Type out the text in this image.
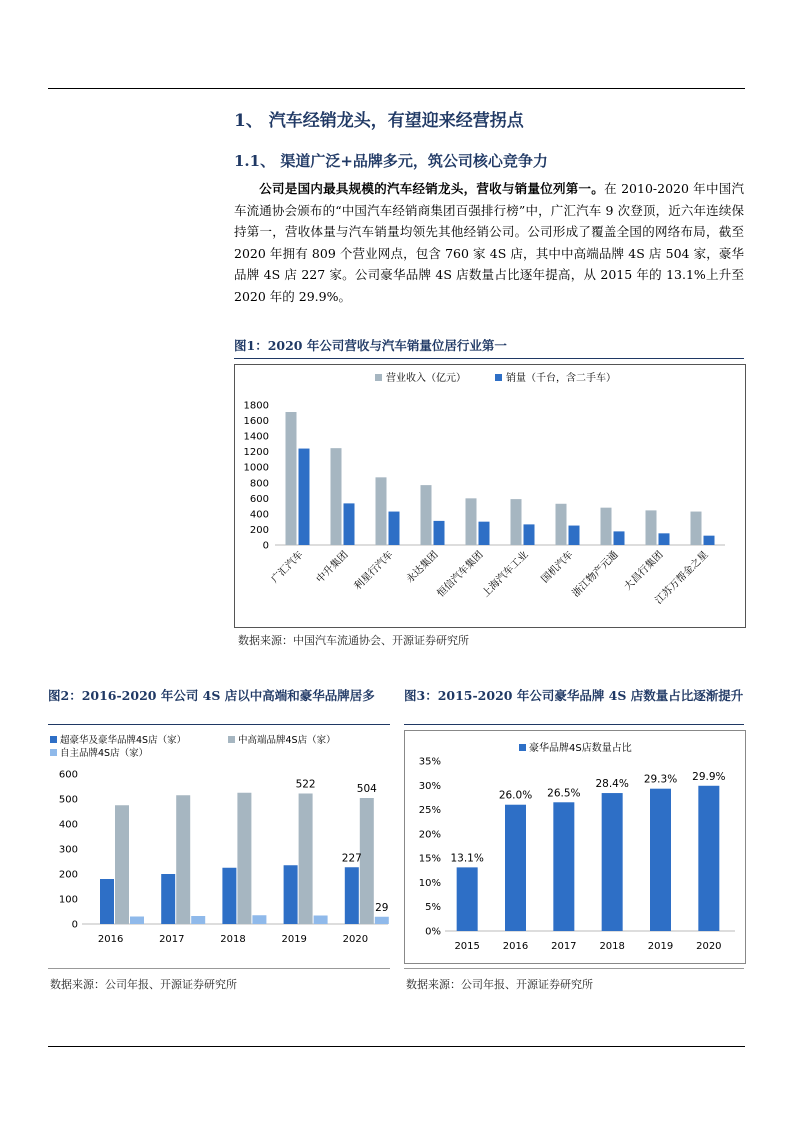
1、 汽车经销龙头，有望迎来经营拐点
1.1、 渠道广泛+品牌多元，筑公司核心竞争力

公司是国内最具规模的汽车经销龙头，营收与销量位列第一。在 2010-2020 年中国汽车流通协会颁布的“中国汽车经销商集团百强排行榜”中，广汇汽车 9 次登顶，近六年连续保持第一，营收体量与汽车销量均领先其他经销公司。公司形成了覆盖全国的网络布局，截至 2020 年拥有 809 个营业网点，包含 760 家 4S 店，其中中高端品牌 4S 店 504 家，豪华品牌 4S 店 227 家。公司豪华品牌 4S 店数量占比逐年提高，从 2015 年的 13.1%上升至 2020 年的 29.9%。

图1：2020 年公司营收与汽车销量位居行业第一

0
200
400
600
800
1000
1200
1400
1600
1800
广汇汽车 中升集团 利星行汽车 永达集团
恒信汽车集团
上海汽车工业 国机汽车
浙江物产元通 大昌行集团
江苏万帮金之星
营业收入（亿元）	销量（千台，含二手车）

数据来源：中国汽车流通协会、开源证券研究所

图2：2016-2020 年公司 4S 店以中高端和豪华品牌居多

0
100
200
300
400
500
600
2016	2017	2018	2019	2020
522	504
227
29
超豪华及豪华品牌4S店（家）	中高端品牌4S店（家）
自主品牌4S店（家）

数据来源：公司年报、开源证券研究所

图3：2015-2020 年公司豪华品牌 4S 店数量占比逐渐提升

0%
5%
10%
15%
20%
25%
30%
35%
13.1%
2015
26.0%
2016
26.5%
2017
28.4%
2018
29.3%
2019
29.9%
2020
豪华品牌4S店数量占比

数据来源：公司年报、开源证券研究所
